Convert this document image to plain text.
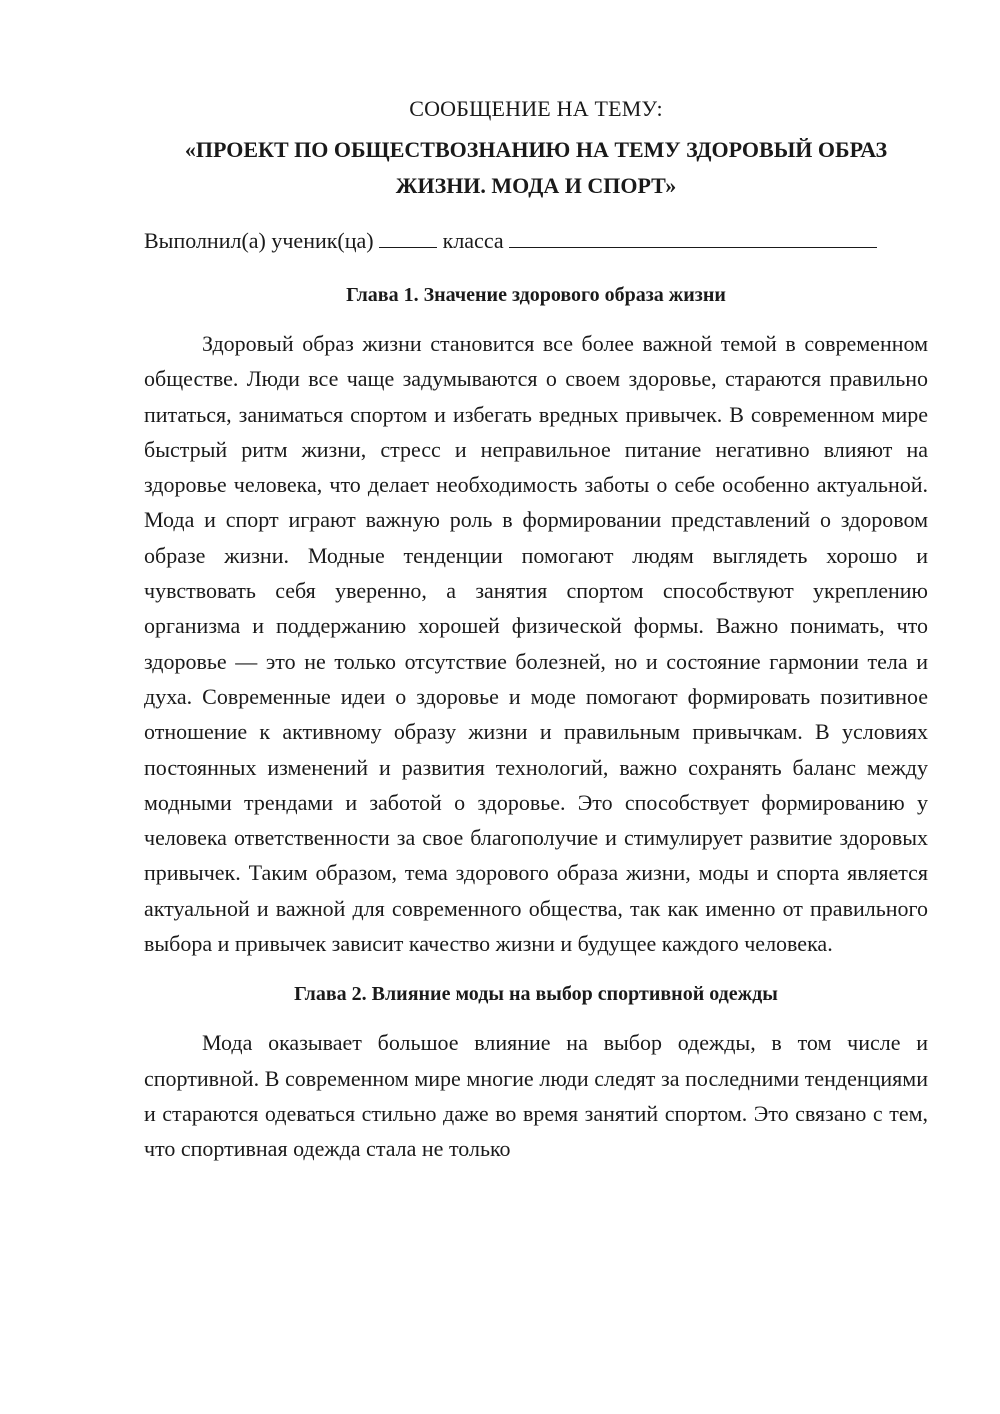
СООБЩЕНИЕ НА ТЕМУ:

«ПРОЕКТ ПО ОБЩЕСТВОЗНАНИЮ НА ТЕМУ ЗДОРОВЫЙ ОБРАЗ ЖИЗНИ. МОДА И СПОРТ»

Выполнил(а) ученик(ца)	класса

Глава 1. Значение здорового образа жизни

Здоровый образ жизни становится все более важной темой в современном обществе. Люди все чаще задумываются о своем здоровье, стараются правильно питаться, заниматься спортом и избегать вредных привычек. В современном мире быстрый ритм жизни, стресс и неправильное питание негативно влияют на здоровье человека, что делает необходимость заботы о себе особенно актуальной. Мода и спорт играют важную роль в формировании представлений о здоровом образе жизни. Модные тенденции помогают людям выглядеть хорошо и чувствовать себя уверенно, а занятия спортом способствуют укреплению организма и поддержанию хорошей физической формы. Важно понимать, что здоровье — это не только отсутствие болезней, но и состояние гармонии тела и духа. Современные идеи о здоровье и моде помогают формировать позитивное отношение к активному образу жизни и правильным привычкам. В условиях постоянных изменений и развития технологий, важно сохранять баланс между модными трендами и заботой о здоровье. Это способствует формированию у человека ответственности за свое благополучие и стимулирует развитие здоровых привычек. Таким образом, тема здорового образа жизни, моды и спорта является актуальной и важной для современного общества, так как именно от правильного выбора и привычек зависит качество жизни и будущее каждого человека.

Глава 2. Влияние моды на выбор спортивной одежды

Мода оказывает большое влияние на выбор одежды, в том числе и спортивной. В современном мире многие люди следят за последними тенденциями и стараются одеваться стильно даже во время занятий спортом. Это связано с тем, что спортивная одежда стала не только
